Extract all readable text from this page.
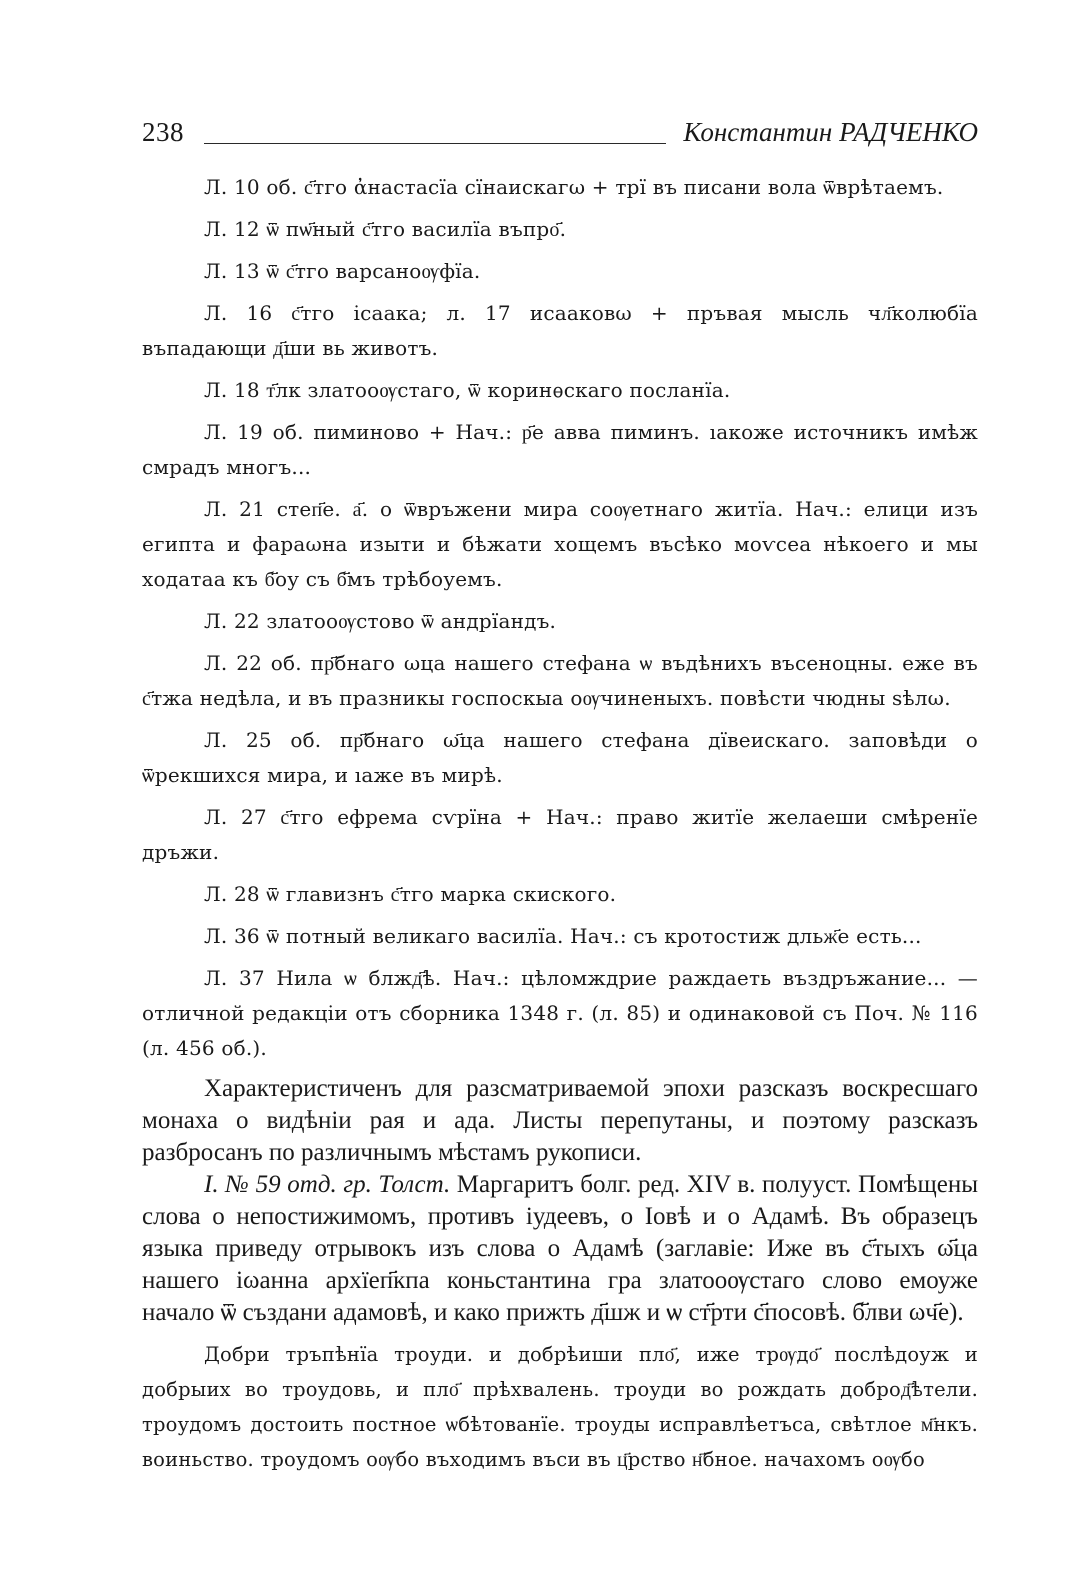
238	Константин РАДЧЕНКО

Л. 10 об. с҃тго ἀнастасїа сїнаискагω + трї въ писани вола ѿврѣтаемъ.

Л. 12 ѿ пѡ҃ный с҃тго василїа въпро҃.

Л. 13 ѿ с҃тго варсаноѹфїа.

Л. 16 с҃тго ісаака; л. 17 исааковω + пръвая мысль чл҃колюбїа въпадающи д҃ши вь животъ.

Л. 18 т҃лк златооѹстаго, ѿ коринѳскаго посланїа.

Л. 19 об. пиминово + Нач.: р҃е авва пиминъ. ıакоже источникъ имѣж смрадъ многъ...

Л. 21 степ҃е. а҃. о ѿвръжени мира соѹетнаго житїа. Нач.: елици изъ египта и фараωна изыти и бѣжати хощемъ въсѣко моѵсеа нѣкоего и мы ходатаа къ б҃оу съ б҃мъ трѣбоуемъ.

Л. 22 златооѹстово ѿ андрїандъ.

Л. 22 об. пр҃бнаго ωца нашего стефана ѡ въдѣнихъ въсеноцны. еже въ с҃тжа недѣла, и въ празникы госпоскыа оѹчиненыхъ. повѣсти чюдны ѕѣлω.

Л. 25 об. пр҃бнаго ω҃ца нашего стефана дївеискаго. заповѣди о ѿрекшихся мира, и ıаже въ мирѣ.

Л. 27 с҃тго ефрема сѵрїна + Нач.: право житїе желаеши смѣренїе дръжи.

Л. 28 ѿ главизнъ с҃тго марка скиского.

Л. 36 ѿ потный великаго василїа. Нач.: съ кротостиж дльж҃е есть...

Л. 37 Нила ѡ блжд҃ѣ. Нач.: цѣломждрие раждаеть въздръжание... — отличной редакціи отъ сборника 1348 г. (л. 85) и одинаковой съ Поч. № 116 (л. 456 об.).

Характеристиченъ для разсматриваемой эпохи разсказъ воскресшаго монаха о видѣніи рая и ада. Листы перепутаны, и поэтому разсказъ разбросанъ по различнымъ мѣстамъ рукописи.

I. № 59 отд. гр. Толст. Маргаритъ болг. ред. XIV в. полууст. Помѣщены слова о непостижимомъ, противъ іудеевъ, о Іовѣ и о Адамѣ. Въ образецъ языка приведу отрывокъ изъ слова о Адамѣ (заглавіе: Иже въ с҃тыхъ ω҃ца нашего іωанна архїеп҃кпа коньстантина гра златооѹстаго слово емоуже начало ѿ създани адамовѣ, и како прижть д҃шж и ѡ ст҃рти с҃посовѣ. б҃лви ωч҃е).

Добри тръпѣнїа троуди. и добрѣиши пло҃, иже трѹдо҃ послѣдоуж и добрыих во троудовь, и пло҃ прѣхвалень. троуди во рождать доброд҃ѣтели. троудомъ достоить постное ѡбѣтованїе. троуды исправлѣетъса, свѣтлое м҃нкъ. воиньство. троудомъ оѹбо въходимъ въси въ ц҃рство н҃бное. начахомъ оѹбо
